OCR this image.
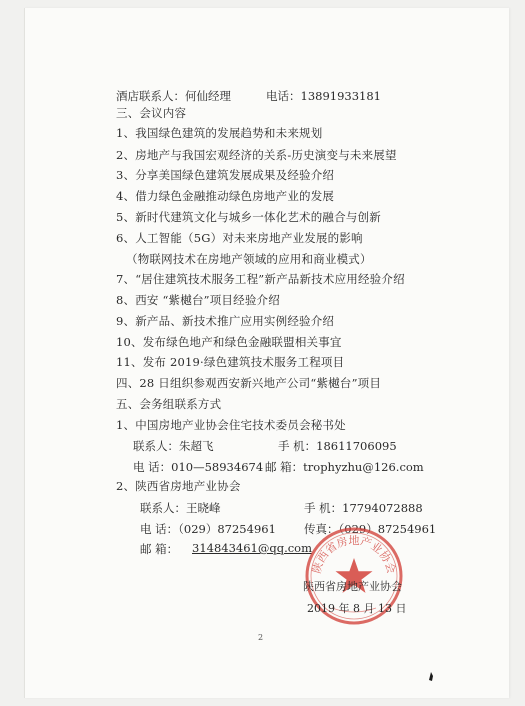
酒店联系人：何仙经理	电话：13891933181
三、会议内容
1、我国绿色建筑的发展趋势和未来规划
2、房地产与我国宏观经济的关系-历史演变与未来展望
3、分享美国绿色建筑发展成果及经验介绍
4、借力绿色金融推动绿色房地产业的发展
5、新时代建筑文化与城乡一体化艺术的融合与创新
6、人工智能（5G）对未来房地产业发展的影响
（物联网技术在房地产领域的应用和商业模式）
7、“居住建筑技术服务工程”新产品新技术应用经验介绍
8、西安 “紫樾台”项目经验介绍
9、新产品、新技术推广应用实例经验介绍
10、发布绿色地产和绿色金融联盟相关事宜
11、发布 2019·绿色建筑技术服务工程项目
四、28 日组织参观西安新兴地产公司“紫樾台”项目
五、会务组联系方式
1、中国房地产业协会住宅技术委员会秘书处
联系人：朱超飞	手 机：18611706095
电 话：010—58934674 邮 箱：trophyzhu@126.com
2、陕西省房地产业协会
联系人：王晓峰	手 机：17794072888
电 话：（029）87254961 传真：（029）87254961
邮 箱： 314843461@qq.com
陕西省房地产业协会
陕西省房地产业协会
2019 年 8 月 13 日
2
